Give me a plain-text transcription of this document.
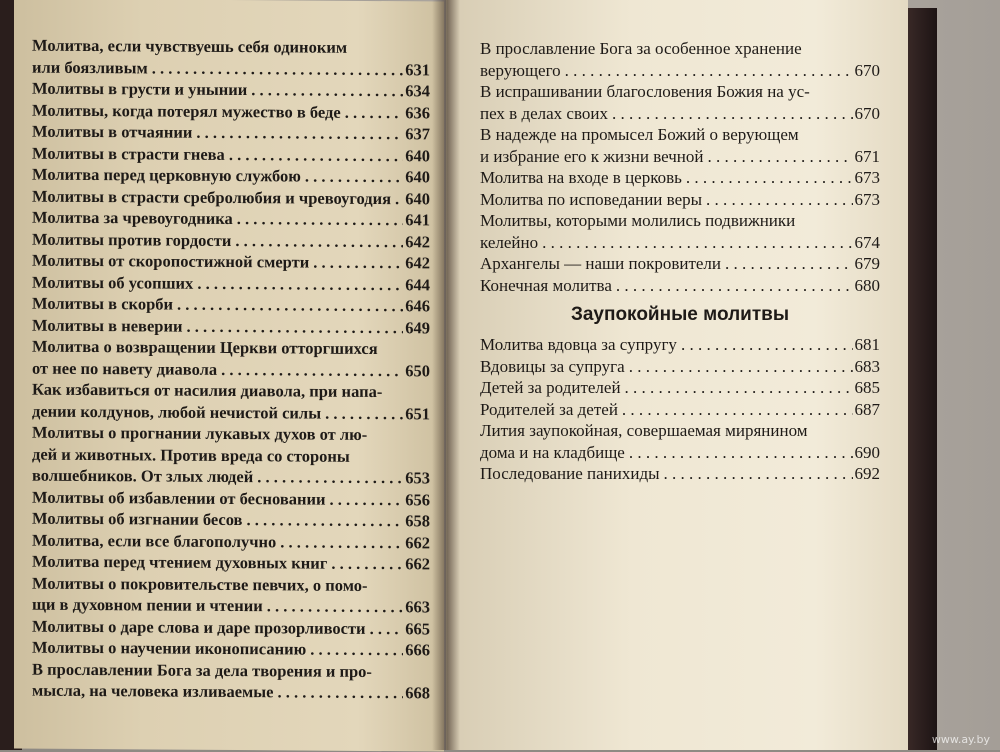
Молитва, если чувствуешь себя одиноким
или боязливым . . .	631
Молитвы в грусти и унынии . . .	634
Молитвы, когда потерял мужество в беде . . .	636
Молитвы в отчаянии . . .	637
Молитвы в страсти гнева . . .	640
Молитва перед церковную службою . . .	640
Молитвы в страсти сребролюбия и чревоугодия . . . 640
Молитва за чревоугодника . . .	641
Молитвы против гордости . . .	642
Молитвы от скоропостижной смерти . . .	642
Молитвы об усопших . . .	644
Молитвы в скорби . . .	646
Молитвы в неверии . . .	649
Молитва о возвращении Церкви отторгшихся
от нее по навету диавола . . .	650
Как избавиться от насилия диавола, при напа-
дении колдунов, любой нечистой силы . . .	651
Молитвы о прогнании лукавых духов от лю-
дей и животных. Против вреда со стороны
волшебников. От злых людей . . .	653
Молитвы об избавлении от бесновании . . .	656
Молитвы об изгнании бесов . . .	658
Молитва, если все благополучно . . .	662
Молитва перед чтением духовных книг . . .	662
Молитвы о покровительстве певчих, о помо-
щи в духовном пении и чтении . . .	663
Молитвы о даре слова и даре прозорливости . . .	665
Молитвы о научении иконописанию . . .	666
В прославлении Бога за дела творения и про-
мысла, на человека изливаемые . . .	668
В прославление Бога за особенное хранение
верующего . . .	670
В испрашивании благословения Божия на ус-
пех в делах своих . . .	670
В надежде на промысел Божий о верующем
и избрание его к жизни вечной . . .	671
Молитва на входе в церковь . . .	673
Молитва по исповедании веры . . .	673
Молитвы, которыми молились подвижники
келейно . . .	674
Архангелы — наши покровители . . .	679
Конечная молитва . . .	680
Заупокойные молитвы
Молитва вдовца за супругу . . .	681
Вдовицы за супруга . . .	683
Детей за родителей . . .	685
Родителей за детей . . .	687
Лития заупокойная, совершаемая мирянином
дома и на кладбище . . .	690
Последование панихиды . . .	692
www.ay.by
